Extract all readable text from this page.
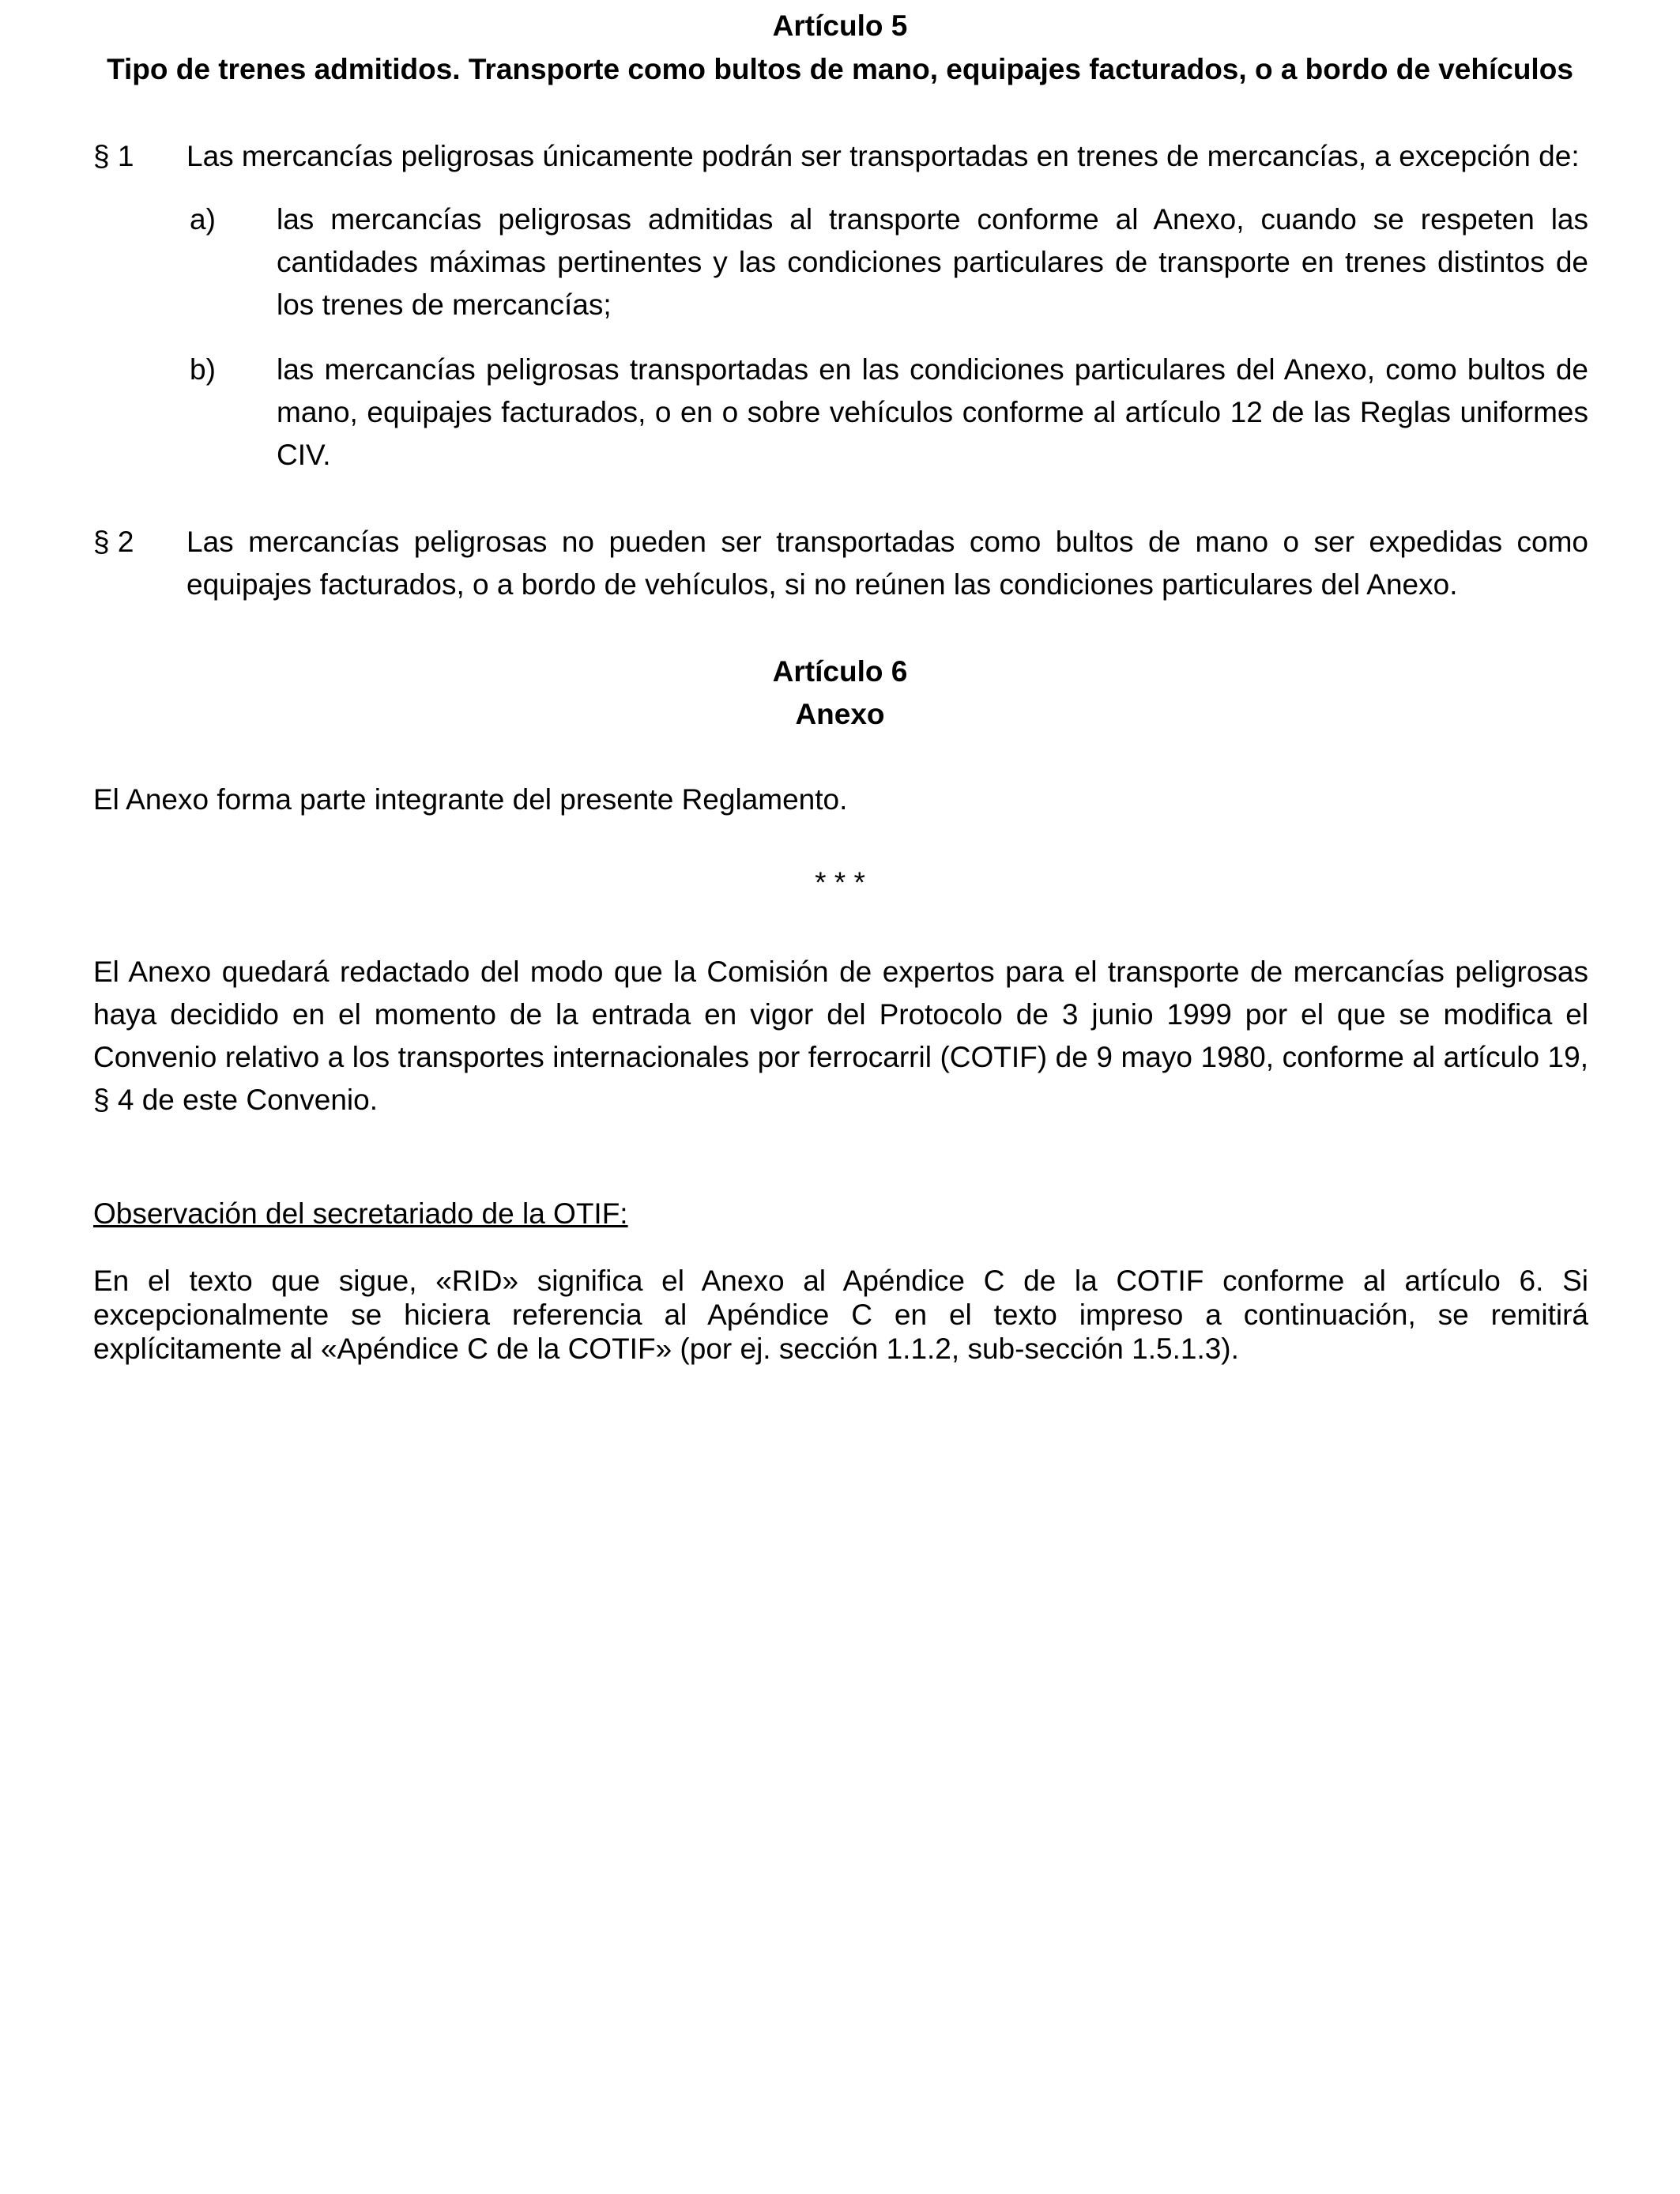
Artículo 5
Tipo de trenes admitidos. Transporte como bultos de mano, equipajes facturados, o a bordo de vehículos
§ 1 Las mercancías peligrosas únicamente podrán ser transportadas en trenes de mercancías, a excepción de:
a) las mercancías peligrosas admitidas al transporte conforme al Anexo, cuando se respeten las cantidades máximas pertinentes y las condiciones particulares de transporte en trenes distintos de los trenes de mercancías;
b) las mercancías peligrosas transportadas en las condiciones particulares del Anexo, como bultos de mano, equipajes facturados, o en o sobre vehículos conforme al artículo 12 de las Reglas uniformes CIV.
§ 2 Las mercancías peligrosas no pueden ser transportadas como bultos de mano o ser expedidas como equipajes facturados, o a bordo de vehículos, si no reúnen las condiciones particulares del Anexo.
Artículo 6
Anexo
El Anexo forma parte integrante del presente Reglamento.
* * *
El Anexo quedará redactado del modo que la Comisión de expertos para el transporte de mercancías peligrosas haya decidido en el momento de la entrada en vigor del Protocolo de 3 junio 1999 por el que se modifica el Convenio relativo a los transportes internacionales por ferrocarril (COTIF) de 9 mayo 1980, conforme al artículo 19, § 4 de este Convenio.
Observación del secretariado de la OTIF:
En el texto que sigue, «RID» significa el Anexo al Apéndice C de la COTIF conforme al artículo 6. Si excepcionalmente se hiciera referencia al Apéndice C en el texto impreso a continuación, se remitirá explícitamente al «Apéndice C de la COTIF» (por ej. sección 1.1.2, sub-sección 1.5.1.3).
